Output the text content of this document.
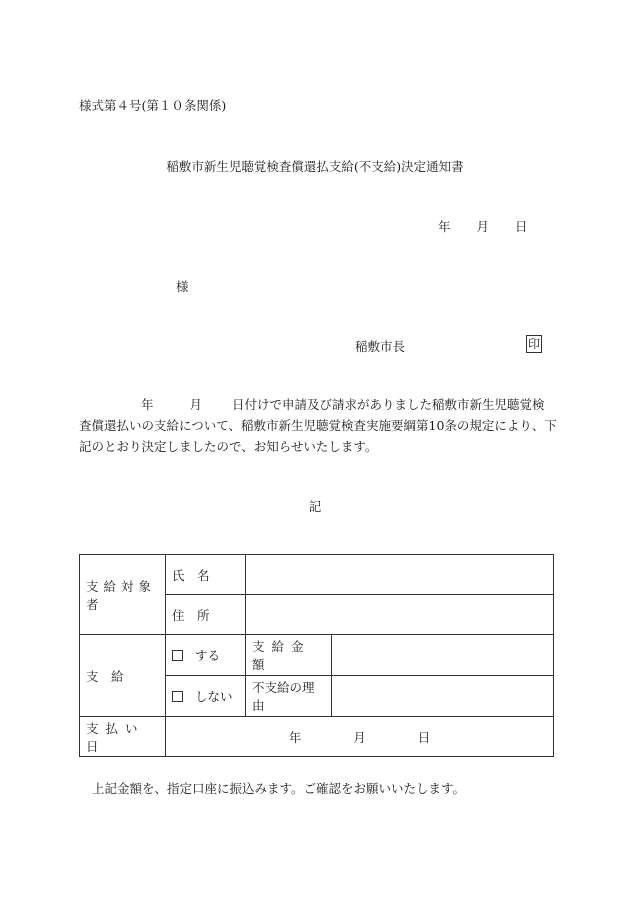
様式第４号(第１０条関係)
稲敷市新生児聴覚検査償還払支給(不支給)決定通知書
年 月 日
様
稲敷市長	印
年	月 日付けで申請及び請求がありました稲敷市新生児聴覚検査償還払いの支給について、稲敷市新生児聴覚検査実施要綱第10条の規定により、下記のとおり決定しましたので、お知らせいたします。
記
支給対象者	氏　名		

	住　所		

支　給	する	支給金額	

	しない	不支給の理由	

支払い日	年 月 日		
上記金額を、指定口座に振込みます。ご確認をお願いいたします。
